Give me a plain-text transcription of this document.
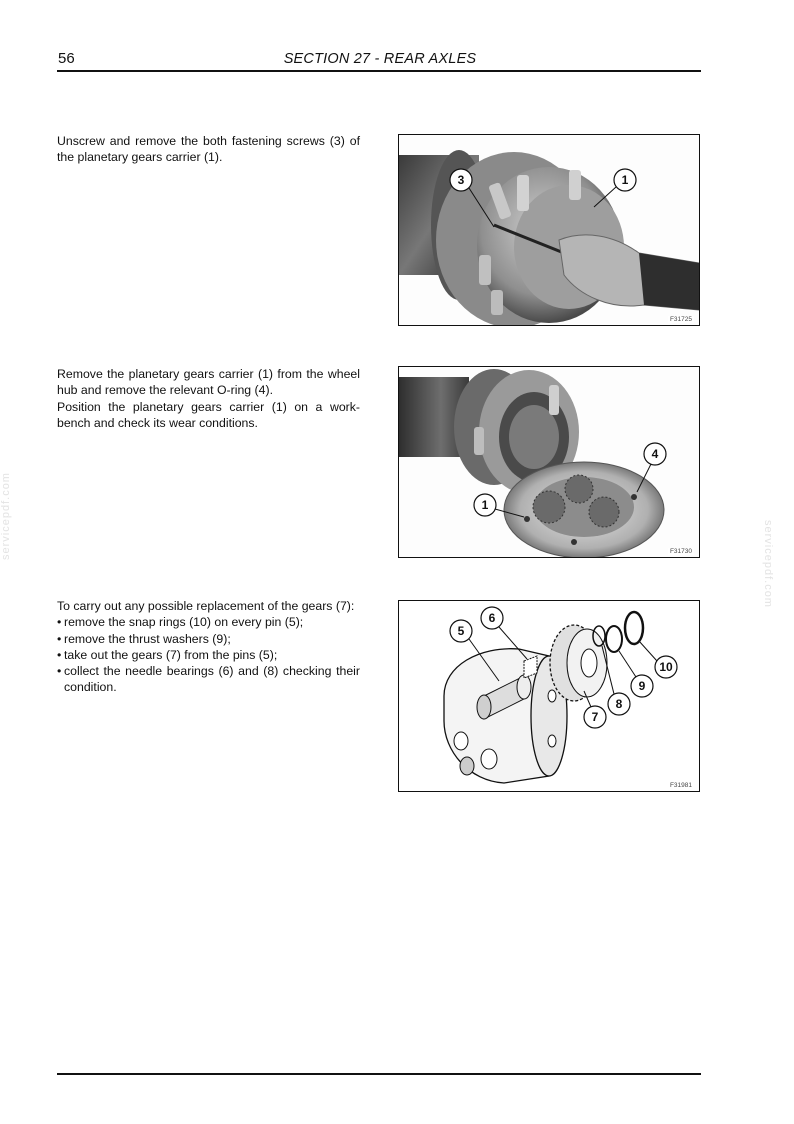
56	SECTION 27 - REAR AXLES
servicepdf.com
servicepdf.com

Unscrew and remove the both fastening screws (3) of the planetary gears carrier (1).

3	1
F31725

Remove the planetary gears carrier (1) from the wheel hub and remove the relevant O-ring (4).

Position the planetary gears carrier (1) on a work-bench and check its wear conditions.

4
1
F31730

To carry out any possible replacement of the gears (7):

• remove the snap rings (10) on every pin (5);
• remove the thrust washers (9);
• take out the gears (7) from the pins (5);
• collect the needle bearings (6) and (8) checking their condition.
5
6
10
9
8
7
F31981
